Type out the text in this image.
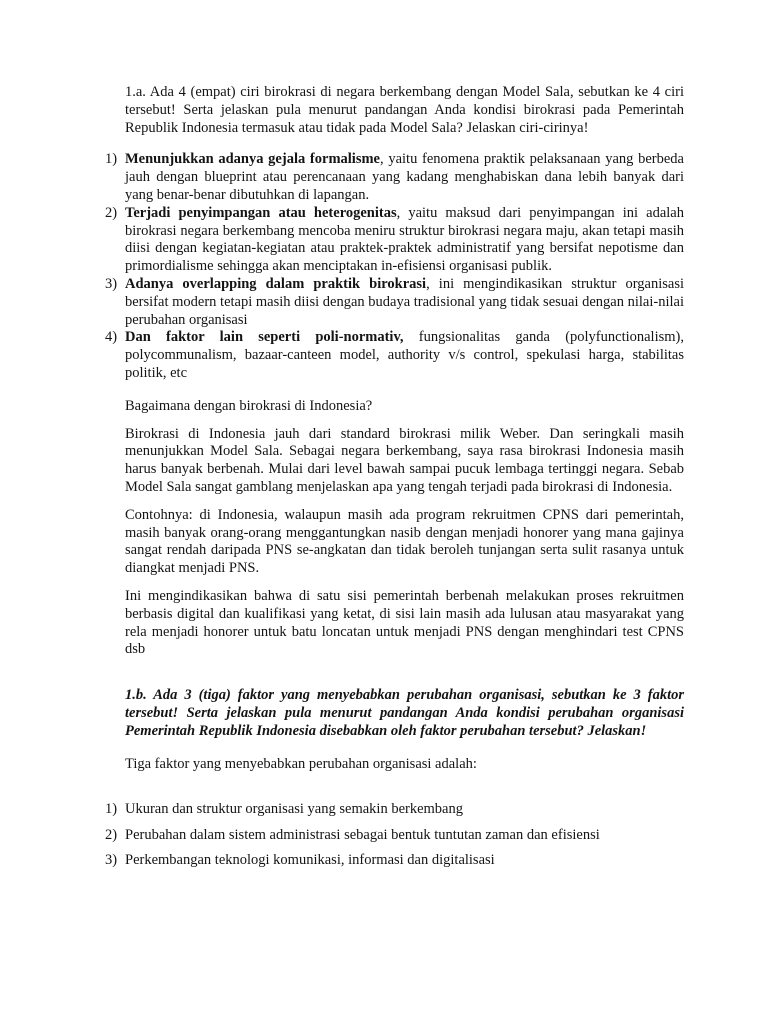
1.a. Ada 4 (empat) ciri birokrasi di negara berkembang dengan Model Sala, sebutkan ke 4 ciri tersebut! Serta jelaskan pula menurut pandangan Anda kondisi birokrasi pada Pemerintah Republik Indonesia termasuk atau tidak pada Model Sala? Jelaskan ciri-cirinya!
1) Menunjukkan adanya gejala formalisme, yaitu fenomena praktik pelaksanaan yang berbeda jauh dengan blueprint atau perencanaan yang kadang menghabiskan dana lebih banyak dari yang benar-benar dibutuhkan di lapangan.
2) Terjadi penyimpangan atau heterogenitas, yaitu maksud dari penyimpangan ini adalah birokrasi negara berkembang mencoba meniru struktur birokrasi negara maju, akan tetapi masih diisi dengan kegiatan-kegiatan atau praktek-praktek administratif yang bersifat nepotisme dan primordialisme sehingga akan menciptakan in-efisiensi organisasi publik.
3) Adanya overlapping dalam praktik birokrasi, ini mengindikasikan struktur organisasi bersifat modern tetapi masih diisi dengan budaya tradisional yang tidak sesuai dengan nilai-nilai perubahan organisasi
4) Dan faktor lain seperti poli-normativ, fungsionalitas ganda (polyfunctionalism), polycommunalism, bazaar-canteen model, authority v/s control, spekulasi harga, stabilitas politik, etc
Bagaimana dengan birokrasi di Indonesia?
Birokrasi di Indonesia jauh dari standard birokrasi milik Weber. Dan seringkali masih menunjukkan Model Sala. Sebagai negara berkembang, saya rasa birokrasi Indonesia masih harus banyak berbenah. Mulai dari level bawah sampai pucuk lembaga tertinggi negara. Sebab Model Sala sangat gamblang menjelaskan apa yang tengah terjadi pada birokrasi di Indonesia.
Contohnya: di Indonesia, walaupun masih ada program rekruitmen CPNS dari pemerintah, masih banyak orang-orang menggantungkan nasib dengan menjadi honorer yang mana gajinya sangat rendah daripada PNS se-angkatan dan tidak beroleh tunjangan serta sulit rasanya untuk diangkat menjadi PNS.
Ini mengindikasikan bahwa di satu sisi pemerintah berbenah melakukan proses rekruitmen berbasis digital dan kualifikasi yang ketat, di sisi lain masih ada lulusan atau masyarakat yang rela menjadi honorer untuk batu loncatan untuk menjadi PNS dengan menghindari test CPNS dsb
1.b. Ada 3 (tiga) faktor yang menyebabkan perubahan organisasi, sebutkan ke 3 faktor tersebut! Serta jelaskan pula menurut pandangan Anda kondisi perubahan organisasi Pemerintah Republik Indonesia disebabkan oleh faktor perubahan tersebut? Jelaskan!
Tiga faktor yang menyebabkan perubahan organisasi adalah:
1) Ukuran dan struktur organisasi yang semakin berkembang
2) Perubahan dalam sistem administrasi sebagai bentuk tuntutan zaman dan efisiensi
3) Perkembangan teknologi komunikasi, informasi dan digitalisasi
